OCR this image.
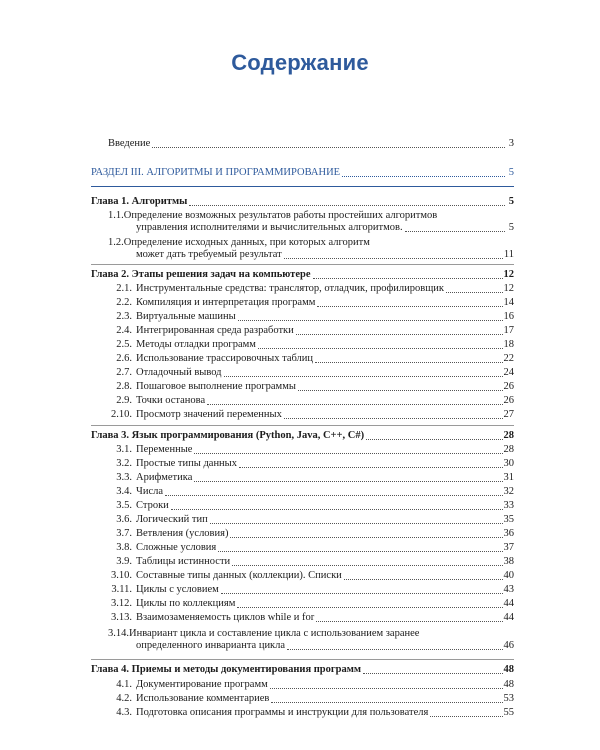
Содержание
Введение	3
РАЗДЕЛ III. АЛГОРИТМЫ И ПРОГРАММИРОВАНИЕ	5
Глава 1. Алгоритмы	5
1.1.Определение возможных результатов работы простейших алгоритмов
управления исполнителями и вычислительных алгоритмов.	5
1.2.Определение исходных данных, при которых алгоритм
может дать требуемый результат	11
Глава 2. Этапы решения задач на компьютере	12
2.1. Инструментальные средства: транслятор, отладчик, профилировщик	12
2.2. Компиляция и интерпретация программ	14
2.3. Виртуальные машины	16
2.4. Интегрированная среда разработки	17
2.5. Методы отладки программ	18
2.6. Использование трассировочных таблиц	22
2.7. Отладочный вывод	24
2.8. Пошаговое выполнение программы	26
2.9. Точки останова	26
2.10. Просмотр значений переменных	27
Глава 3. Язык программирования (Python, Java, C++, C#)	28
3.1. Переменные	28
3.2. Простые типы данных	30
3.3. Арифметика	31
3.4. Числа	32
3.5. Строки	33
3.6. Логический тип	35
3.7. Ветвления (условия)	36
3.8. Сложные условия	37
3.9. Таблицы истинности	38
3.10. Составные типы данных (коллекции). Списки	40
3.11. Циклы с условием	43
3.12. Циклы по коллекциям	44
3.13. Взаимозаменяемость циклов while и for	44
3.14.Инвариант цикла и составление цикла с использованием заранее
определенного инварианта цикла	46
Глава 4. Приемы и методы документирования программ	48
4.1. Документирование программ	48
4.2. Использование комментариев	53
4.3. Подготовка описания программы и инструкции для пользователя	55
